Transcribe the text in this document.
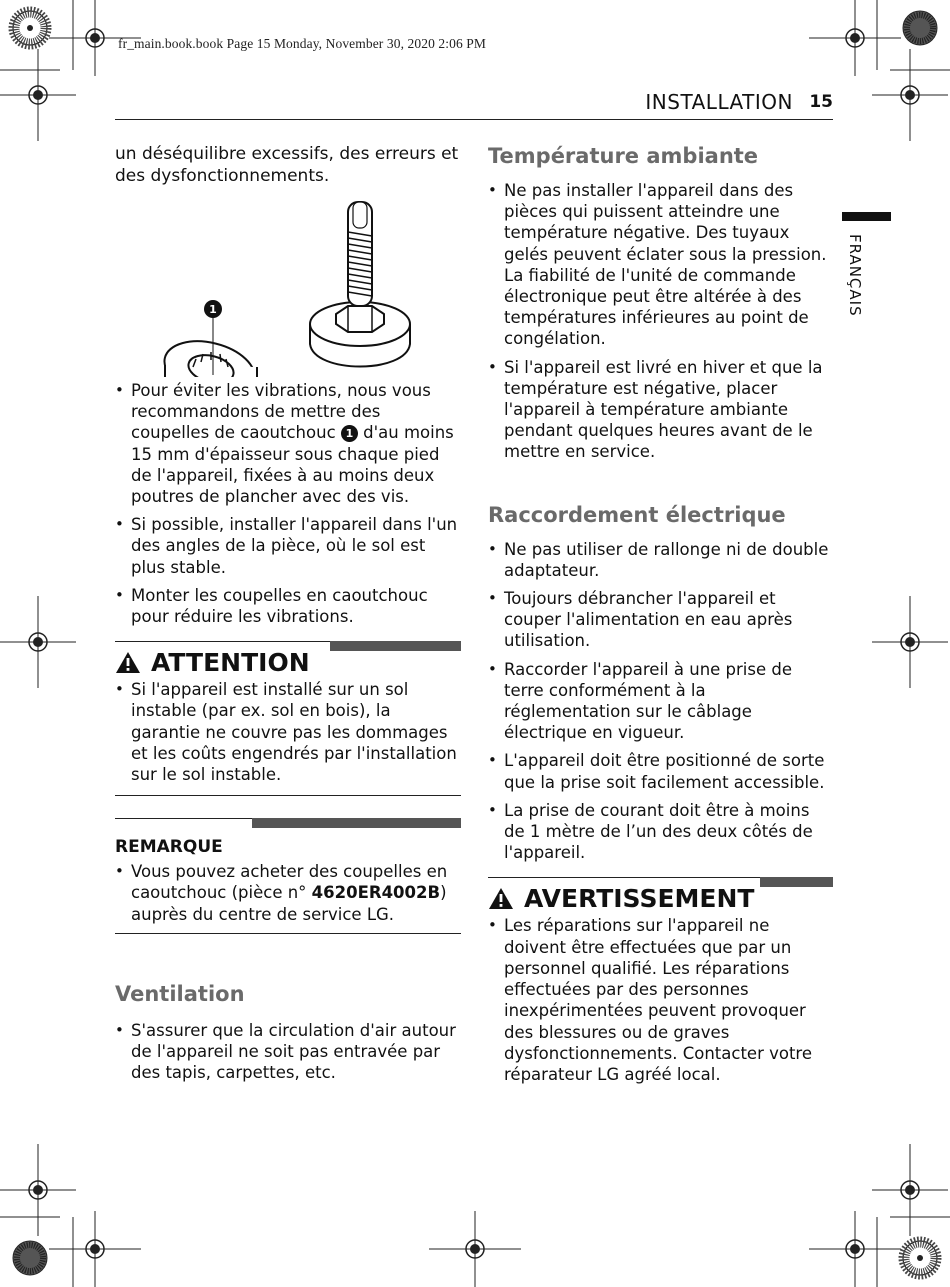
fr_main.book.book Page 15 Monday, November 30, 2020 2:06 PM
INSTALLATION 15
FRANÇAIS

un déséquilibre excessifs, des erreurs et des dysfonctionnements.

1
• Pour éviter les vibrations, nous vous recommandons de mettre des coupelles de caoutchouc 1 d'au moins 15 mm d'épaisseur sous chaque pied de l'appareil, fixées à au moins deux poutres de plancher avec des vis.
• Si possible, installer l'appareil dans l'un des angles de la pièce, où le sol est plus stable.
• Monter les coupelles en caoutchouc pour réduire les vibrations.
ATTENTION
• Si l'appareil est installé sur un sol instable (par ex. sol en bois), la garantie ne couvre pas les dommages et les coûts engendrés par l'installation sur le sol instable.
REMARQUE
• Vous pouvez acheter des coupelles en caoutchouc (pièce n° 4620ER4002B) auprès du centre de service LG.
Ventilation
• S'assurer que la circulation d'air autour de l'appareil ne soit pas entravée par des tapis, carpettes, etc.
Température ambiante
• Ne pas installer l'appareil dans des pièces qui puissent atteindre une température négative. Des tuyaux gelés peuvent éclater sous la pression. La fiabilité de l'unité de commande électronique peut être altérée à des températures inférieures au point de congélation.
• Si l'appareil est livré en hiver et que la température est négative, placer l'appareil à température ambiante pendant quelques heures avant de le mettre en service.
Raccordement électrique
• Ne pas utiliser de rallonge ni de double adaptateur.
• Toujours débrancher l'appareil et couper l'alimentation en eau après utilisation.
• Raccorder l'appareil à une prise de terre conformément à la réglementation sur le câblage électrique en vigueur.
• L'appareil doit être positionné de sorte que la prise soit facilement accessible.
• La prise de courant doit être à moins de 1 mètre de l’un des deux côtés de l'appareil.
AVERTISSEMENT
• Les réparations sur l'appareil ne doivent être effectuées que par un personnel qualifié. Les réparations effectuées par des personnes inexpérimentées peuvent provoquer des blessures ou de graves dysfonctionnements. Contacter votre réparateur LG agréé local.
